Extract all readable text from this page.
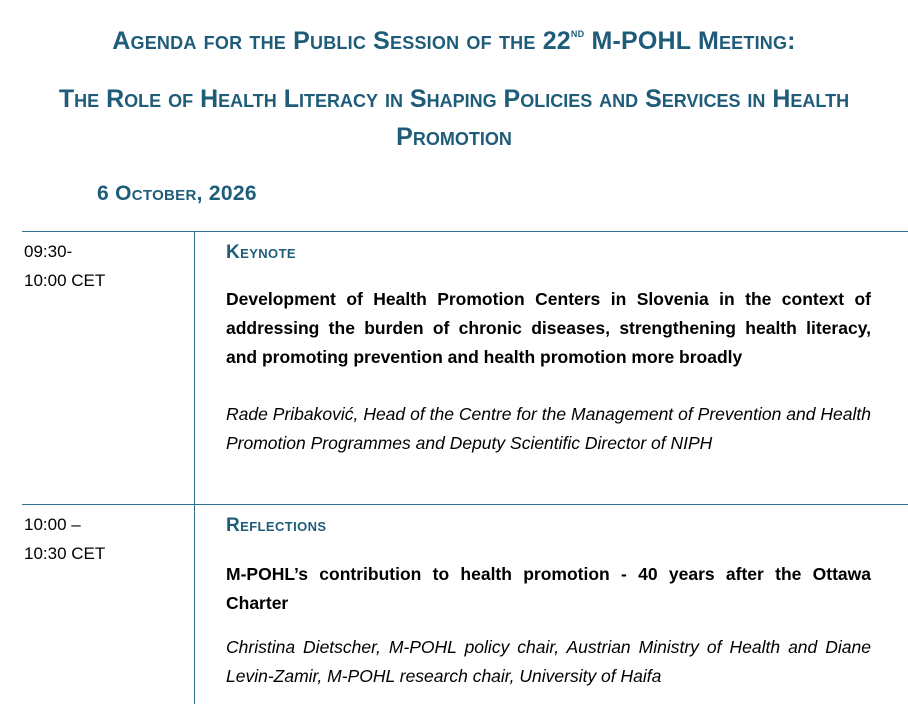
Agenda for the Public Session of the 22nd M-POHL Meeting:
The Role of Health Literacy in Shaping Policies and Services in Health Promotion
6 October, 2026
09:30-
10:00 CET
Keynote
Development of Health Promotion Centers in Slovenia in the context of addressing the burden of chronic diseases, strengthening health literacy, and promoting prevention and health promotion more broadly
Rade Pribaković, Head of the Centre for the Management of Prevention and Health Promotion Programmes and Deputy Scientific Director of NIPH
10:00 –
10:30 CET
Reflections
M-POHL’s contribution to health promotion - 40 years after the Ottawa Charter
Christina Dietscher, M-POHL policy chair, Austrian Ministry of Health and Diane Levin-Zamir, M-POHL research chair, University of Haifa
